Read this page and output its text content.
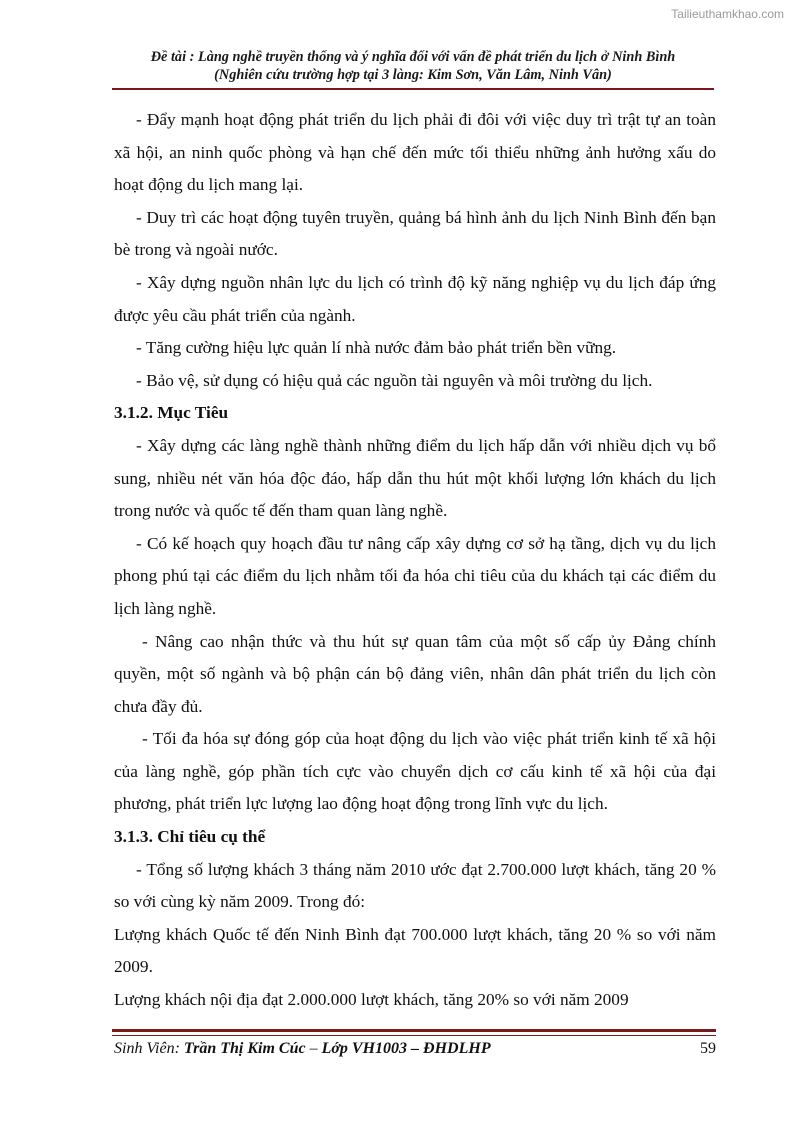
Tailieuthamkhao.com
Đề tài : Làng nghề truyền thống và ý nghĩa đối với vấn đề phát triển du lịch ở Ninh Bình
(Nghiên cứu trường hợp tại 3 làng: Kim Sơn, Văn Lâm, Ninh Vân)

- Đẩy mạnh hoạt động phát triển du lịch phải đi đôi với việc duy trì trật tự an toàn xã hội, an ninh quốc phòng và hạn chế đến mức tối thiểu những ảnh hưởng xấu do hoạt động du lịch mang lại.

- Duy trì các hoạt động tuyên truyền, quảng bá hình ảnh du lịch Ninh Bình đến bạn bè trong và ngoài nước.

- Xây dựng nguồn nhân lực du lịch có trình độ kỹ năng nghiệp vụ du lịch đáp ứng được yêu cầu phát triển của ngành.

- Tăng cường hiệu lực quản lí nhà nước đảm bảo phát triển bền vững.

- Bảo vệ, sử dụng có hiệu quả các nguồn tài nguyên và môi trường du lịch.

3.1.2. Mục Tiêu

- Xây dựng các làng nghề thành những điểm du lịch hấp dẫn với nhiều dịch vụ bổ sung, nhiều nét văn hóa độc đáo, hấp dẫn thu hút một khối lượng lớn khách du lịch trong nước và quốc tế đến tham quan làng nghề.

- Có kế hoạch quy hoạch đầu tư nâng cấp xây dựng cơ sở hạ tầng, dịch vụ du lịch phong phú tại các điểm du lịch nhằm tối đa hóa chi tiêu của du khách tại các điểm du lịch làng nghề.

- Nâng cao nhận thức và thu hút sự quan tâm của một số cấp ủy Đảng chính quyền, một số ngành và bộ phận cán bộ đảng viên, nhân dân phát triển du lịch còn chưa đầy đủ.

- Tối đa hóa sự đóng góp của hoạt động du lịch vào việc phát triển kinh tế xã hội của làng nghề, góp phần tích cực vào chuyển dịch cơ cấu kinh tế xã hội của đại phương, phát triển lực lượng lao động hoạt động trong lĩnh vực du lịch.

3.1.3. Chỉ tiêu cụ thể

- Tổng số lượng khách 3 tháng năm 2010 ước đạt 2.700.000 lượt khách, tăng 20 % so với cùng kỳ năm 2009. Trong đó:

Lượng khách Quốc tế đến Ninh Bình đạt 700.000 lượt khách, tăng 20 % so với năm 2009.

Lượng khách nội địa đạt 2.000.000 lượt khách, tăng 20% so với năm 2009

Sinh Viên: Trần Thị Kim Cúc – Lớp VH1003 – ĐHDLHP	59
